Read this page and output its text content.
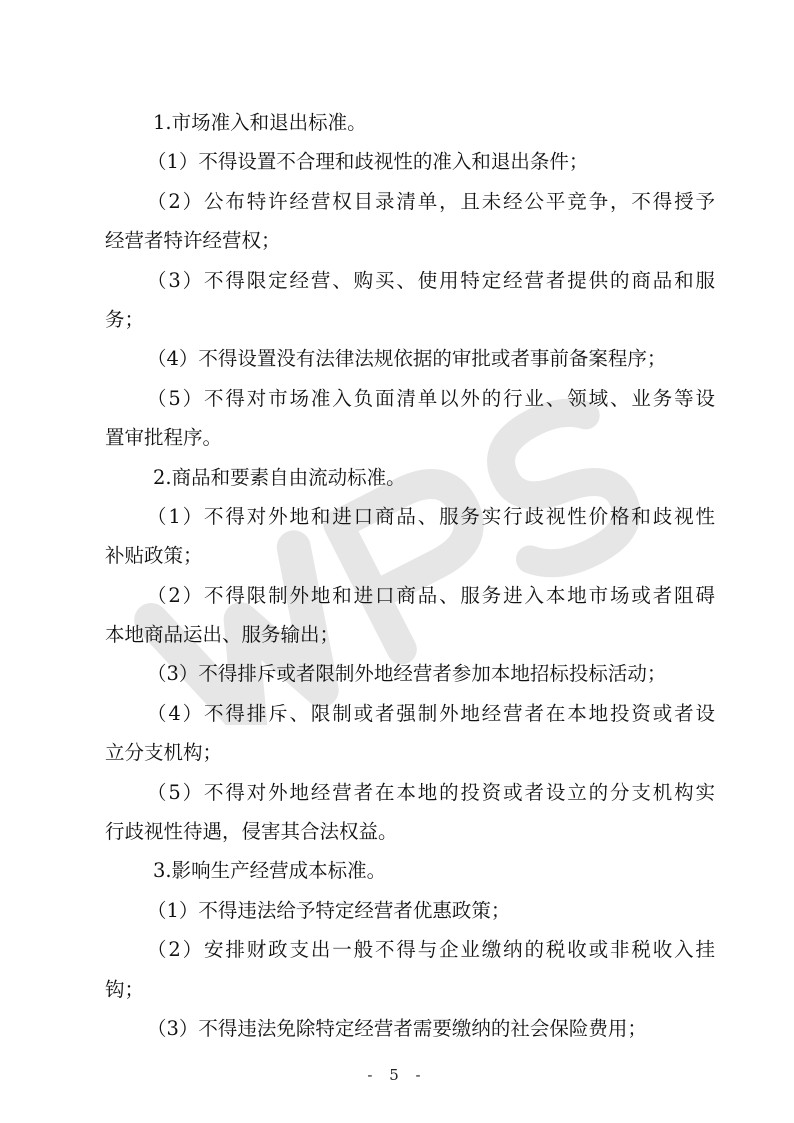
1.市场准入和退出标准。
（1）不得设置不合理和歧视性的准入和退出条件；
（2）公布特许经营权目录清单，且未经公平竞争，不得授予
经营者特许经营权；
（3）不得限定经营、购买、使用特定经营者提供的商品和服
务；
（4）不得设置没有法律法规依据的审批或者事前备案程序；
（5）不得对市场准入负面清单以外的行业、领域、业务等设
置审批程序。
2.商品和要素自由流动标准。
（1）不得对外地和进口商品、服务实行歧视性价格和歧视性
补贴政策；
（2）不得限制外地和进口商品、服务进入本地市场或者阻碍
本地商品运出、服务输出；
（3）不得排斥或者限制外地经营者参加本地招标投标活动；
（4）不得排斥、限制或者强制外地经营者在本地投资或者设
立分支机构；
（5）不得对外地经营者在本地的投资或者设立的分支机构实
行歧视性待遇，侵害其合法权益。
3.影响生产经营成本标准。
（1）不得违法给予特定经营者优惠政策；
（2）安排财政支出一般不得与企业缴纳的税收或非税收入挂
钩；
（3）不得违法免除特定经营者需要缴纳的社会保险费用；
- 5 -
